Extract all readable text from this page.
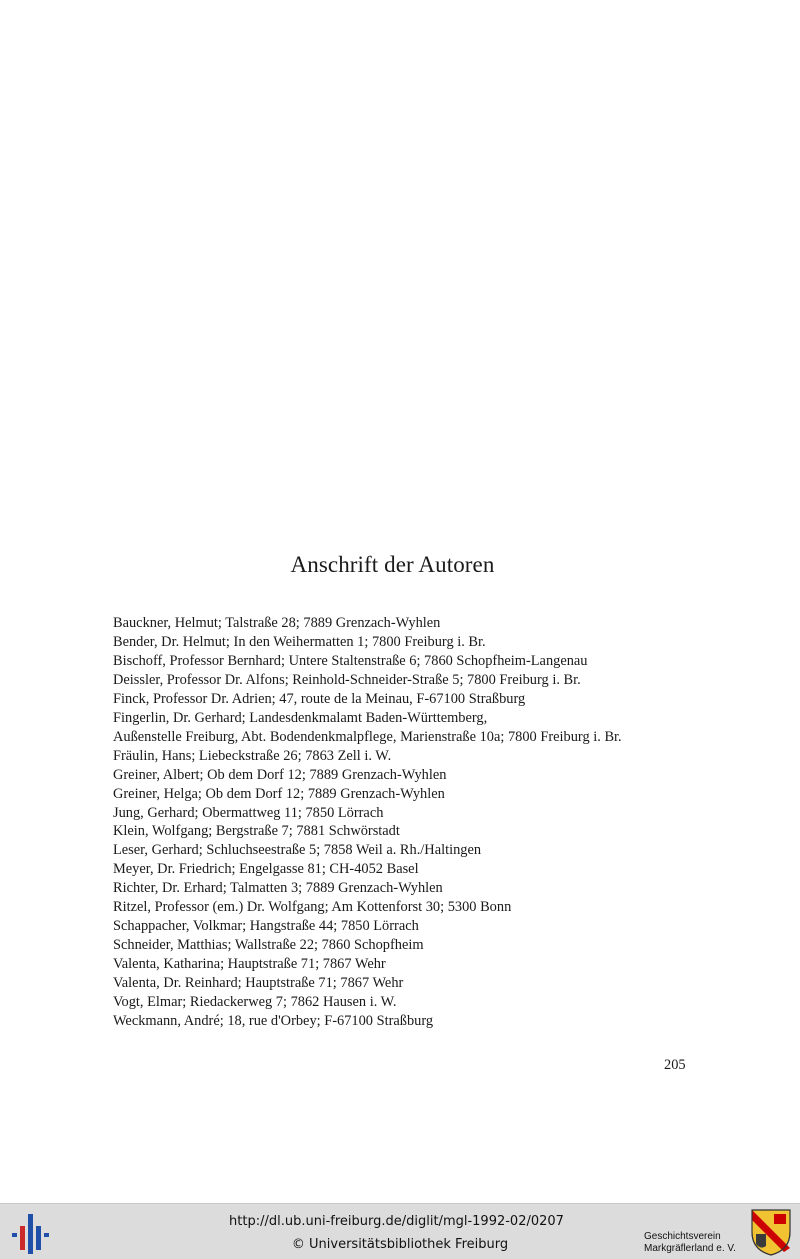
Anschrift der Autoren
Bauckner, Helmut; Talstraße 28; 7889 Grenzach-Wyhlen
Bender, Dr. Helmut; In den Weihermatten 1; 7800 Freiburg i. Br.
Bischoff, Professor Bernhard; Untere Staltenstraße 6; 7860 Schopfheim-Langenau
Deissler, Professor Dr. Alfons; Reinhold-Schneider-Straße 5; 7800 Freiburg i. Br.
Finck, Professor Dr. Adrien; 47, route de la Meinau, F-67100 Straßburg
Fingerlin, Dr. Gerhard; Landesdenkmalamt Baden-Württemberg,
Außenstelle Freiburg, Abt. Bodendenkmalpflege, Marienstraße 10a; 7800 Freiburg i. Br.
Fräulin, Hans; Liebeckstraße 26; 7863 Zell i. W.
Greiner, Albert; Ob dem Dorf 12; 7889 Grenzach-Wyhlen
Greiner, Helga; Ob dem Dorf 12; 7889 Grenzach-Wyhlen
Jung, Gerhard; Obermattweg 11; 7850 Lörrach
Klein, Wolfgang; Bergstraße 7; 7881 Schwörstadt
Leser, Gerhard; Schluchseestraße 5; 7858 Weil a. Rh./Haltingen
Meyer, Dr. Friedrich; Engelgasse 81; CH-4052 Basel
Richter, Dr. Erhard; Talmatten 3; 7889 Grenzach-Wyhlen
Ritzel, Professor (em.) Dr. Wolfgang; Am Kottenforst 30; 5300 Bonn
Schappacher, Volkmar; Hangstraße 44; 7850 Lörrach
Schneider, Matthias; Wallstraße 22; 7860 Schopfheim
Valenta, Katharina; Hauptstraße 71; 7867 Wehr
Valenta, Dr. Reinhard; Hauptstraße 71; 7867 Wehr
Vogt, Elmar; Riedackerweg 7; 7862 Hausen i. W.
Weckmann, André; 18, rue d'Orbey; F-67100 Straßburg
205
http://dl.ub.uni-freiburg.de/diglit/mgl-1992-02/0207
© Universitätsbibliothek Freiburg
Geschichtsverein
Markgräflerland e. V.
